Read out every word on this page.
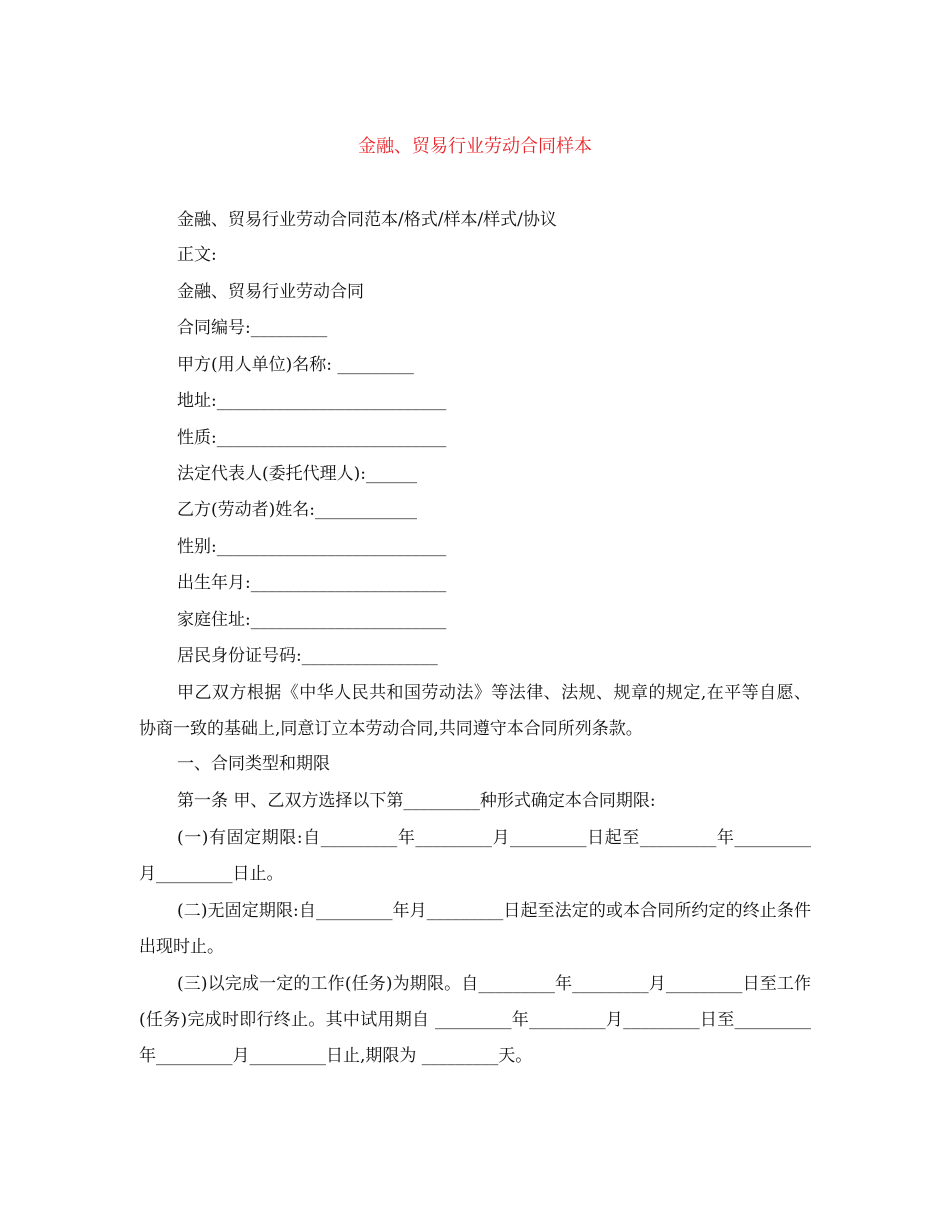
金融、贸易行业劳动合同样本
金融、贸易行业劳动合同范本/格式/样本/样式/协议
正文:
金融、贸易行业劳动合同
合同编号:_________
甲方(用人单位)名称: _________
地址:___________________________
性质:___________________________
法定代表人(委托代理人):______
乙方(劳动者)姓名:____________
性别:___________________________
出生年月:_______________________
家庭住址:_______________________
居民身份证号码:________________
甲乙双方根据《中华人民共和国劳动法》等法律、法规、规章的规定,在平等自愿、协商一致的基础上,同意订立本劳动合同,共同遵守本合同所列条款。
一、合同类型和期限
第一条 甲、乙双方选择以下第_________种形式确定本合同期限:
(一)有固定期限:自_________年_________月_________日起至_________年_________月_________日止。
(二)无固定期限:自_________年月_________日起至法定的或本合同所约定的终止条件出现时止。
(三)以完成一定的工作(任务)为期限。自_________年_________月_________日至工作(任务)完成时即行终止。其中试用期自 _________年_________月_________日至_________年_________月_________日止,期限为 _________天。
